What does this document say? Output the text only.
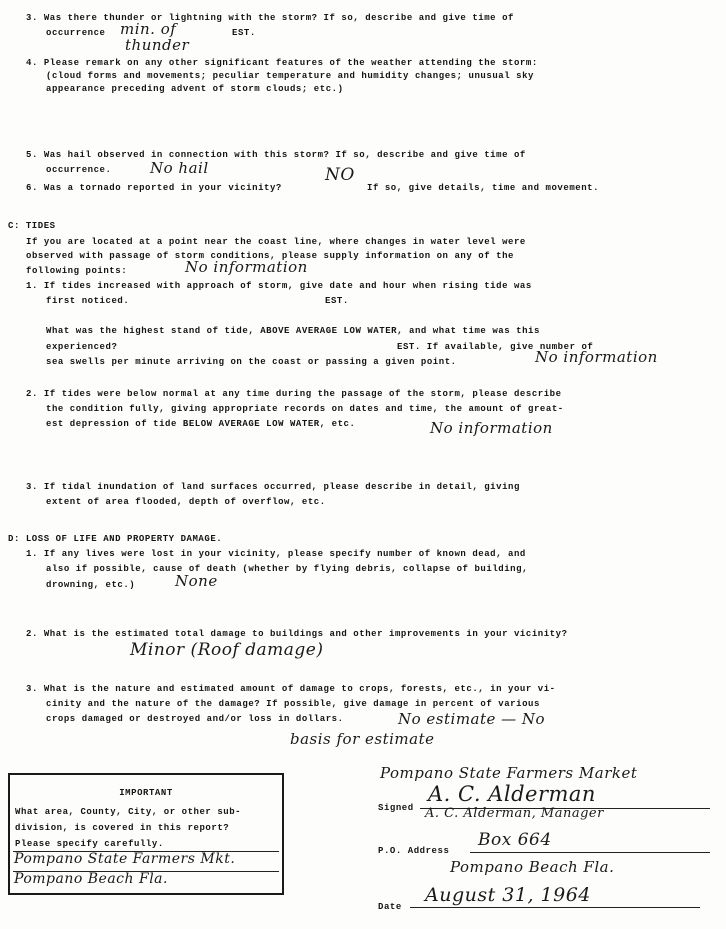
3. Was there thunder or lightning with the storm? If so, describe and give time of

occurrence	EST.

min. of

thunder

4. Please remark on any other significant features of the weather attending the storm:

(cloud forms and movements; peculiar temperature and humidity changes; unusual sky

appearance preceding advent of storm clouds; etc.)

5. Was hail observed in connection with this storm? If so, describe and give time of

occurrence.	No hail

6. Was a tornado reported in your vicinity?	If so, give details, time and movement.

NO

C: TIDES

If you are located at a point near the coast line, where changes in water level were

observed with passage of storm conditions, please supply information on any of the

following points:	No information

1. If tides increased with approach of storm, give date and hour when rising tide was

first noticed.	EST.

What was the highest stand of tide, ABOVE AVERAGE LOW WATER, and what time was this

experienced?	EST. If available, give number of

sea swells per minute arriving on the coast or passing a given point.	No information

2. If tides were below normal at any time during the passage of the storm, please describe

the condition fully, giving appropriate records on dates and time, the amount of great-

est depression of tide BELOW AVERAGE LOW WATER, etc.	No information

3. If tidal inundation of land surfaces occurred, please describe in detail, giving

extent of area flooded, depth of overflow, etc.

D: LOSS OF LIFE AND PROPERTY DAMAGE.

1. If any lives were lost in your vicinity, please specify number of known dead, and

also if possible, cause of death (whether by flying debris, collapse of building,

drowning, etc.)	None

2. What is the estimated total damage to buildings and other improvements in your vicinity?

Minor (Roof damage)

3. What is the nature and estimated amount of damage to crops, forests, etc., in your vi-

cinity and the nature of the damage? If possible, give damage in percent of various

crops damaged or destroyed and/or loss in dollars.	No estimate — No

basis for estimate

IMPORTANT

What area, County, City, or other sub-

division, is covered in this report?

Please specify carefully.

Pompano State Farmers Mkt.

Pompano Beach Fla.

Pompano State Farmers Market

Signed

A. C. Alderman

A. C. Alderman, Manager

P.O. Address

Box 664

Pompano Beach Fla.

Date

August 31, 1964
